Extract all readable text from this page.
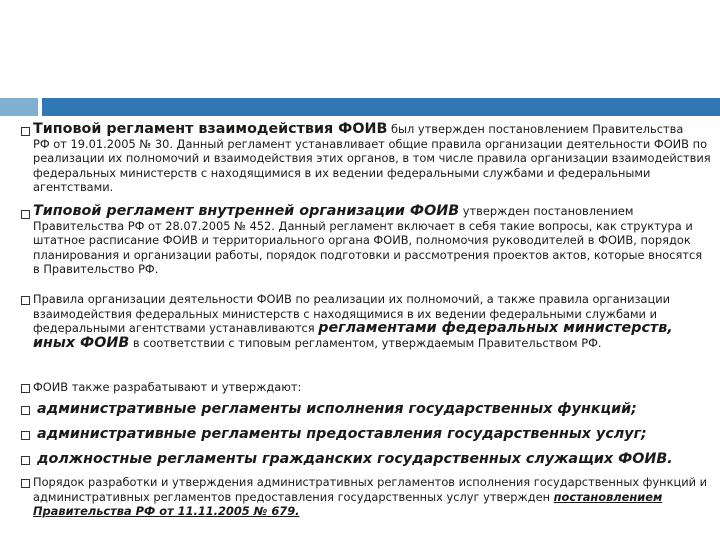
Типовой регламент взаимодействия ФОИВ был утвержден постановлением Правительства
РФ от 19.01.2005 № 30. Данный регламент устанавливает общие правила организации деятельности ФОИВ по реализации их полномочий и взаимодействия этих органов, в том числе правила организации взаимодействия федеральных министерств с находящимися в их ведении федеральными службами и федеральными агентствами.
Типовой регламент внутренней организации ФОИВ утвержден постановлением
Правительства РФ от 28.07.2005 № 452. Данный регламент включает в себя такие вопросы, как структура и штатное расписание ФОИВ и территориального органа ФОИВ, полномочия руководителей в ФОИВ, порядок планирования и организации работы, порядок подготовки и рассмотрения проектов актов, которые вносятся в Правительство РФ.
Правила организации деятельности ФОИВ по реализации их полномочий, а также правила организации взаимодействия федеральных министерств с находящимися в их ведении федеральными службами и федеральными агентствами устанавливаются регламентами федеральных министерств, иных ФОИВ в соответствии с типовым регламентом, утверждаемым Правительством РФ.
ФОИВ также разрабатывают и утверждают:
административные регламенты исполнения государственных функций;
административные регламенты предоставления государственных услуг;
должностные регламенты гражданских государственных служащих ФОИВ.
Порядок разработки и утверждения административных регламентов исполнения государственных функций и административных регламентов предоставления государственных услуг утвержден постановлением Правительства РФ от 11.11.2005 № 679.
